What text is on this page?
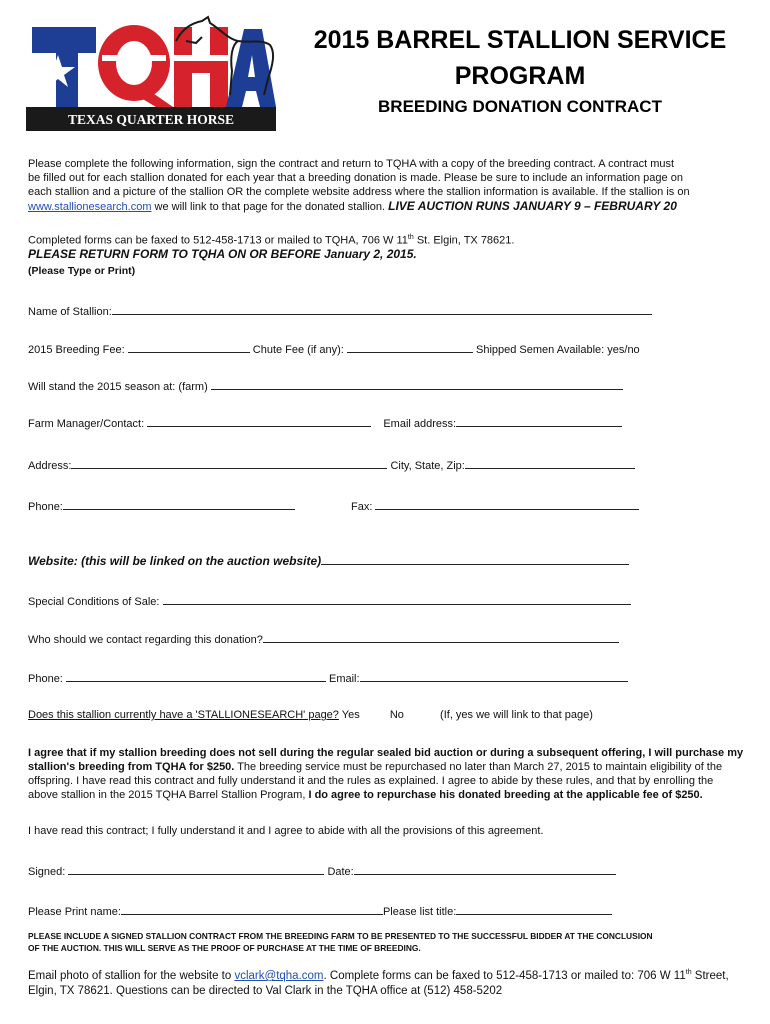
TEXAS QUARTER HORSE ASSOCIATION
2015 BARREL STALLION SERVICE
PROGRAM
BREEDING DONATION CONTRACT
Please complete the following information, sign the contract and return to TQHA with a copy of the breeding contract. A contract must
be filled out for each stallion donated for each year that a breeding donation is made. Please be sure to include an information page on
each stallion and a picture of the stallion OR the complete website address where the stallion information is available. If the stallion is on
www.stallionesearch.com we will link to that page for the donated stallion. LIVE AUCTION RUNS JANUARY 9 – FEBRUARY 20
Completed forms can be faxed to 512-458-1713 or mailed to TQHA, 706 W 11th St. Elgin, TX 78621.
PLEASE RETURN FORM TO TQHA ON OR BEFORE January 2, 2015.
(Please Type or Print)
Name of Stallion:
2015 Breeding Fee:	Chute Fee (if any):	Shipped Semen Available: yes/no
Will stand the 2015 season at: (farm)
Farm Manager/Contact:	Email address:
Address:	City, State, Zip:
Phone:	Fax:
Website: (this will be linked on the auction website)
Special Conditions of Sale:
Who should we contact regarding this donation?
Phone:	Email:
Does this stallion currently have a 'STALLIONESEARCH' page? Yes	No	(If, yes we will link to that page)
I agree that if my stallion breeding does not sell during the regular sealed bid auction or during a subsequent offering, I will purchase my stallion's breeding from TQHA for $250. The breeding service must be repurchased no later than March 27, 2015 to maintain eligibility of the offspring. I have read this contract and fully understand it and the rules as explained. I agree to abide by these rules, and that by enrolling the above stallion in the 2015 TQHA Barrel Stallion Program, I do agree to repurchase his donated breeding at the applicable fee of $250.
I have read this contract; I fully understand it and I agree to abide with all the provisions of this agreement.
Signed:	Date:
Please Print name:	Please list title:
PLEASE INCLUDE A SIGNED STALLION CONTRACT FROM THE BREEDING FARM TO BE PRESENTED TO THE SUCCESSFUL BIDDER AT THE CONCLUSION
OF THE AUCTION. THIS WILL SERVE AS THE PROOF OF PURCHASE AT THE TIME OF BREEDING.
Email photo of stallion for the website to vclark@tqha.com. Complete forms can be faxed to 512-458-1713 or mailed to: 706 W 11th Street,
Elgin, TX 78621. Questions can be directed to Val Clark in the TQHA office at (512) 458-5202
